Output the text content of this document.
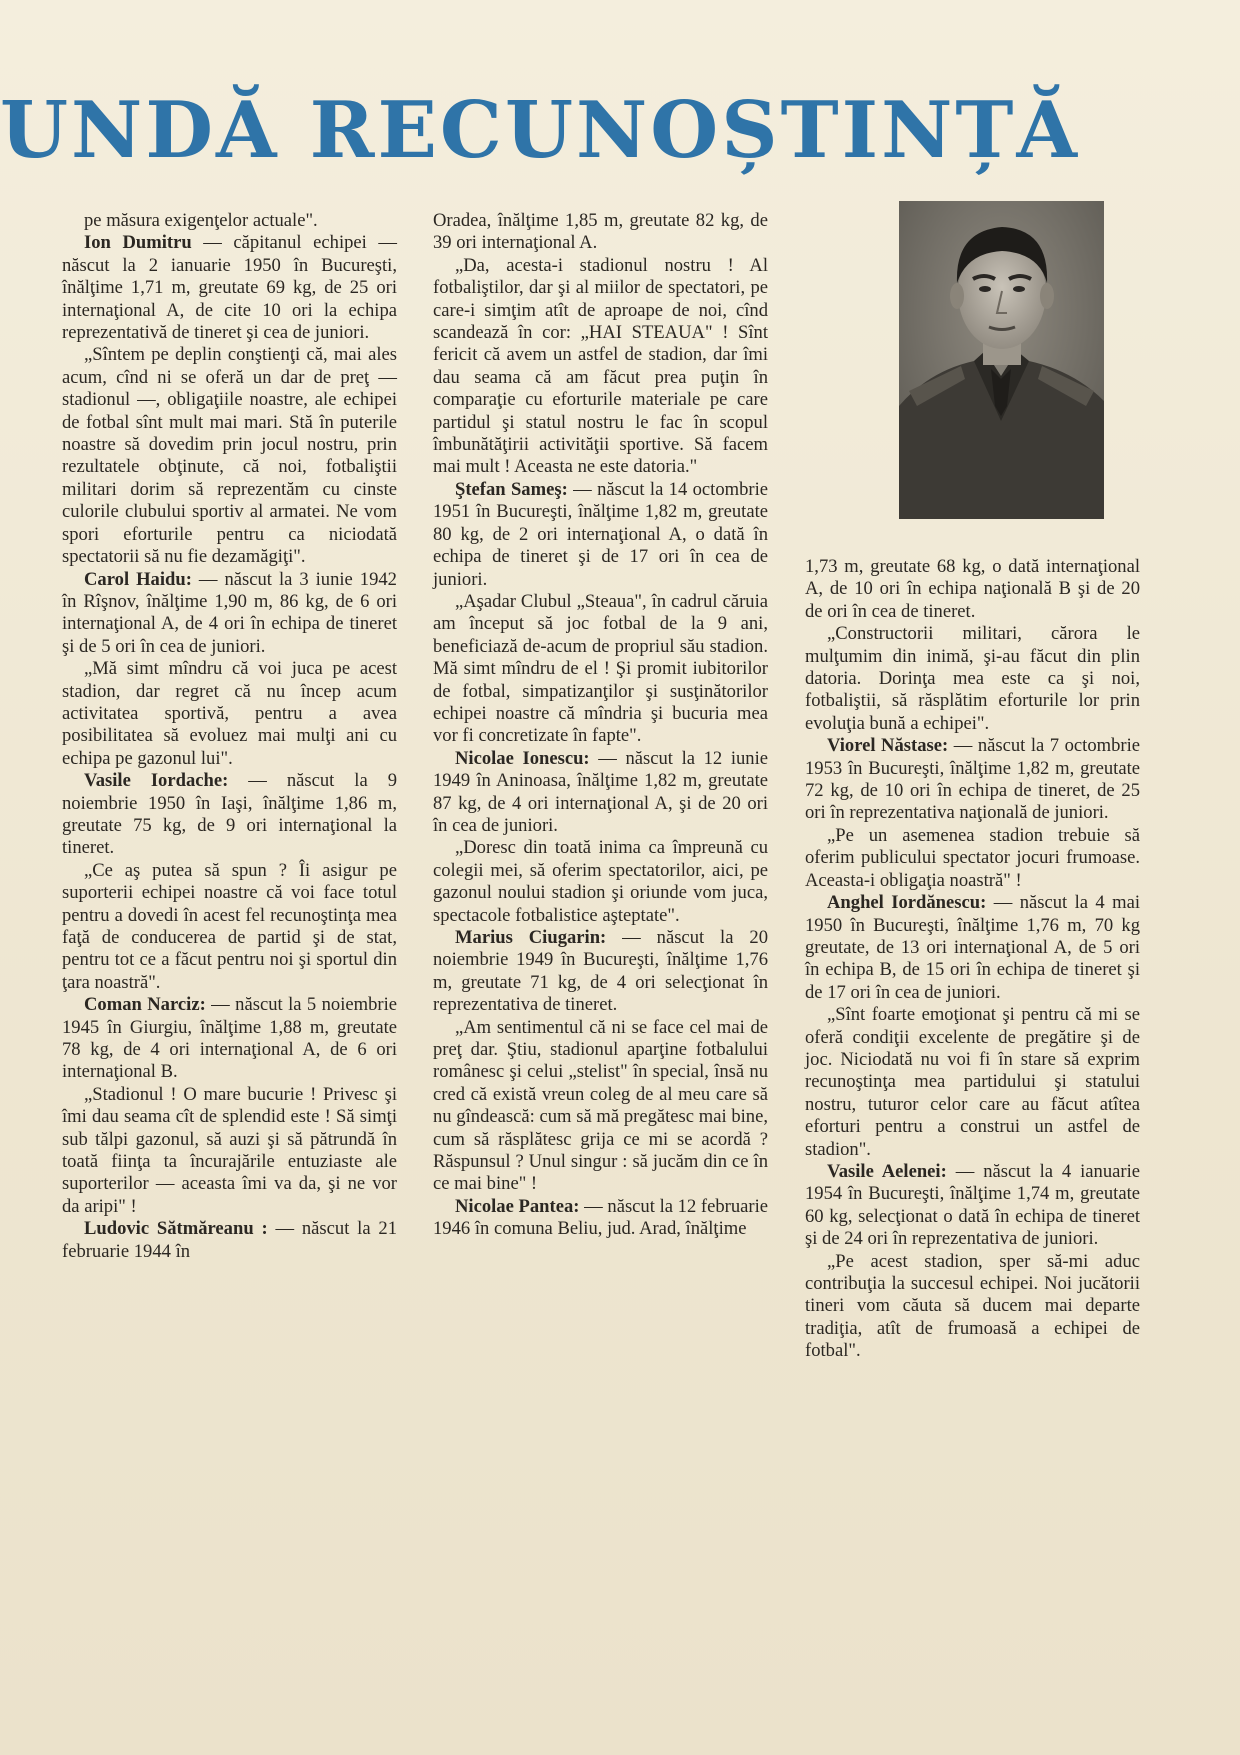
UNDĂ RECUNOȘTINȚĂ

pe măsura exigenţelor actuale".

Ion Dumitru — căpitanul echipei — născut la 2 ianuarie 1950 în Bucureşti, înălţime 1,71 m, greutate 69 kg, de 25 ori internaţional A, de cite 10 ori la echipa reprezentativă de tineret şi cea de juniori.

„Sîntem pe deplin conştienţi că, mai ales acum, cînd ni se oferă un dar de preţ — stadionul —, obligaţiile noastre, ale echipei de fotbal sînt mult mai mari. Stă în puterile noastre să dovedim prin jocul nostru, prin rezultatele obţinute, că noi, fotbaliştii militari dorim să reprezentăm cu cinste culorile clubului sportiv al armatei. Ne vom spori eforturile pentru ca niciodată spectatorii să nu fie dezamăgiţi".

Carol Haidu: — născut la 3 iunie 1942 în Rîşnov, înălţime 1,90 m, 86 kg, de 6 ori internaţional A, de 4 ori în echipa de tineret şi de 5 ori în cea de juniori.

„Mă simt mîndru că voi juca pe acest stadion, dar regret că nu încep acum activitatea sportivă, pentru a avea posibilitatea să evoluez mai mulţi ani cu echipa pe gazonul lui".

Vasile Iordache: — născut la 9 noiembrie 1950 în Iaşi, înălţime 1,86 m, greutate 75 kg, de 9 ori internaţional la tineret.

„Ce aş putea să spun ? Îi asigur pe suporterii echipei noastre că voi face totul pentru a dovedi în acest fel recunoştinţa mea faţă de conducerea de partid şi de stat, pentru tot ce a făcut pentru noi şi sportul din ţara noastră".

Coman Narciz: — născut la 5 noiembrie 1945 în Giurgiu, înălţime 1,88 m, greutate 78 kg, de 4 ori internaţional A, de 6 ori internaţional B.

„Stadionul ! O mare bucurie ! Privesc şi îmi dau seama cît de splendid este ! Să simţi sub tălpi gazonul, să auzi şi să pătrundă în toată fiinţa ta încurajările entuziaste ale suporterilor — aceasta îmi va da, şi ne vor da aripi" !

Ludovic Sătmăreanu : — născut la 21 februarie 1944 în

Oradea, înălţime 1,85 m, greutate 82 kg, de 39 ori internaţional A.

„Da, acesta-i stadionul nostru ! Al fotbaliştilor, dar şi al miilor de spectatori, pe care-i simţim atît de aproape de noi, cînd scandează în cor: „HAI STEAUA" ! Sînt fericit că avem un astfel de stadion, dar îmi dau seama că am făcut prea puţin în comparaţie cu eforturile materiale pe care partidul şi statul nostru le fac în scopul îmbunătăţirii activităţii sportive. Să facem mai mult ! Aceasta ne este datoria."

Ştefan Sameş: — născut la 14 octombrie 1951 în Bucureşti, înălţime 1,82 m, greutate 80 kg, de 2 ori internaţional A, o dată în echipa de tineret şi de 17 ori în cea de juniori.

„Aşadar Clubul „Steaua", în cadrul căruia am început să joc fotbal de la 9 ani, beneficiază de-acum de propriul său stadion. Mă simt mîndru de el ! Şi promit iubitorilor de fotbal, simpatizanţilor şi susţinătorilor echipei noastre că mîndria şi bucuria mea vor fi concretizate în fapte".

Nicolae Ionescu: — născut la 12 iunie 1949 în Aninoasa, înălţime 1,82 m, greutate 87 kg, de 4 ori internaţional A, şi de 20 ori în cea de juniori.

„Doresc din toată inima ca împreună cu colegii mei, să oferim spectatorilor, aici, pe gazonul noului stadion şi oriunde vom juca, spectacole fotbalistice aşteptate".

Marius Ciugarin: — născut la 20 noiembrie 1949 în Bucureşti, înălţime 1,76 m, greutate 71 kg, de 4 ori selecţionat în reprezentativa de tineret.

„Am sentimentul că ni se face cel mai de preţ dar. Ştiu, stadionul aparţine fotbalului românesc şi celui „stelist" în special, însă nu cred că există vreun coleg de al meu care să nu gîndească: cum să mă pregătesc mai bine, cum să răsplătesc grija ce mi se acordă ? Răspunsul ? Unul singur : să jucăm din ce în ce mai bine" !

Nicolae Pantea: — născut la 12 februarie 1946 în comuna Beliu, jud. Arad, înălţime

1,73 m, greutate 68 kg, o dată internaţional A, de 10 ori în echipa naţională B şi de 20 de ori în cea de tineret.

„Constructorii militari, cărora le mulţumim din inimă, şi-au făcut din plin datoria. Dorinţa mea este ca şi noi, fotbaliştii, să răsplătim eforturile lor prin evoluţia bună a echipei".

Viorel Năstase: — născut la 7 octombrie 1953 în Bucureşti, înălţime 1,82 m, greutate 72 kg, de 10 ori în echipa de tineret, de 25 ori în reprezentativa naţională de juniori.

„Pe un asemenea stadion trebuie să oferim publicului spectator jocuri frumoase. Aceasta-i obligaţia noastră" !

Anghel Iordănescu: — născut la 4 mai 1950 în Bucureşti, înălţime 1,76 m, 70 kg greutate, de 13 ori internaţional A, de 5 ori în echipa B, de 15 ori în echipa de tineret şi de 17 ori în cea de juniori.

„Sînt foarte emoţionat şi pentru că mi se oferă condiţii excelente de pregătire şi de joc. Niciodată nu voi fi în stare să exprim recunoştinţa mea partidului şi statului nostru, tuturor celor care au făcut atîtea eforturi pentru a construi un astfel de stadion".

Vasile Aelenei: — născut la 4 ianuarie 1954 în Bucureşti, înălţime 1,74 m, greutate 60 kg, selecţionat o dată în echipa de tineret şi de 24 ori în reprezentativa de juniori.

„Pe acest stadion, sper să-mi aduc contribuţia la succesul echipei. Noi jucătorii tineri vom căuta să ducem mai departe tradiţia, atît de frumoasă a echipei de fotbal".
